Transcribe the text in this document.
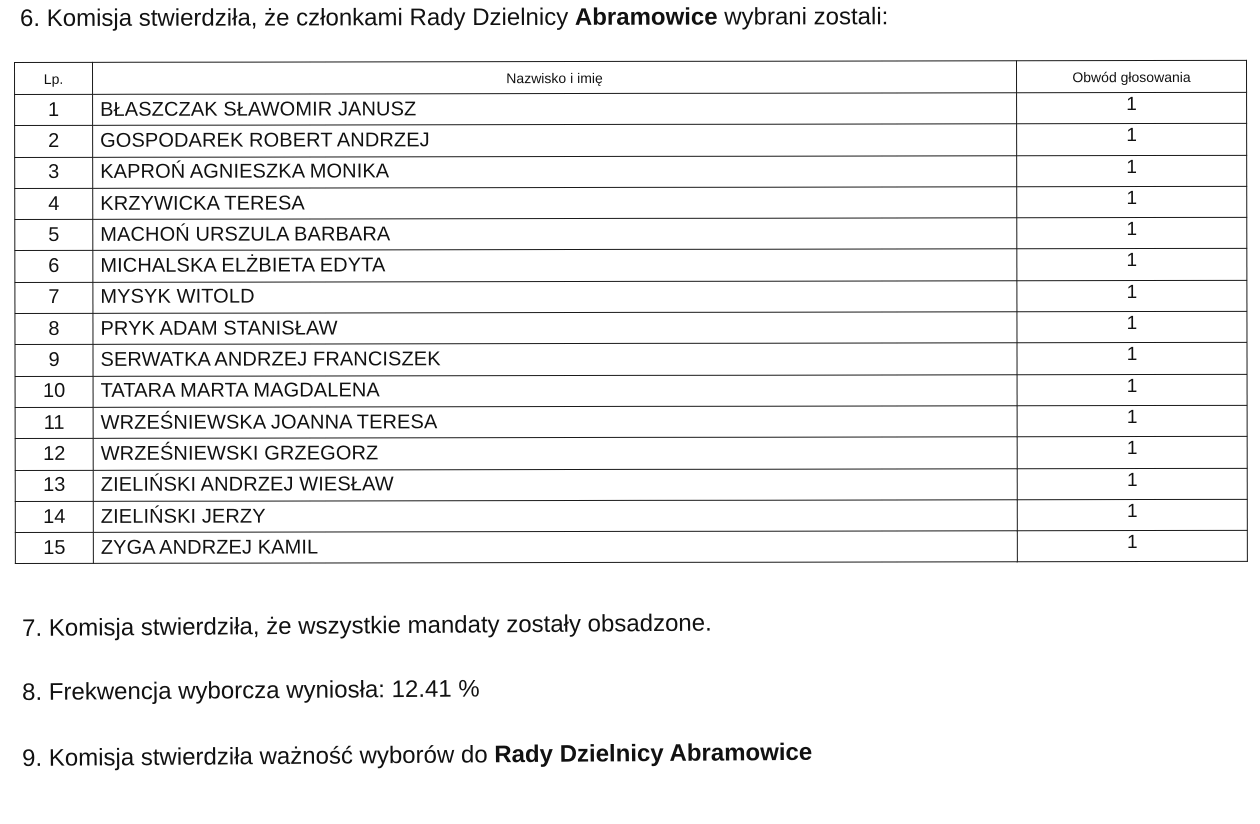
6. Komisja stwierdziła, że członkami Rady Dzielnicy Abramowice wybrani zostali:
Lp.	Nazwisko i imię	Obwód głosowania
1	BŁASZCZAK SŁAWOMIR JANUSZ	1
2	GOSPODAREK ROBERT ANDRZEJ	1
3	KAPROŃ AGNIESZKA MONIKA	1
4	KRZYWICKA TERESA	1
5	MACHOŃ URSZULA BARBARA	1
6	MICHALSKA ELŻBIETA EDYTA	1
7	MYSYK WITOLD	1
8	PRYK ADAM STANISŁAW	1
9	SERWATKA ANDRZEJ FRANCISZEK	1
10	TATARA MARTA MAGDALENA	1
11	WRZEŚNIEWSKA JOANNA TERESA	1
12	WRZEŚNIEWSKI GRZEGORZ	1
13	ZIELIŃSKI ANDRZEJ WIESŁAW	1
14	ZIELIŃSKI JERZY	1
15	ZYGA ANDRZEJ KAMIL	1
7. Komisja stwierdziła, że wszystkie mandaty zostały obsadzone.
8. Frekwencja wyborcza wyniosła: 12.41 %
9. Komisja stwierdziła ważność wyborów do Rady Dzielnicy Abramowice
